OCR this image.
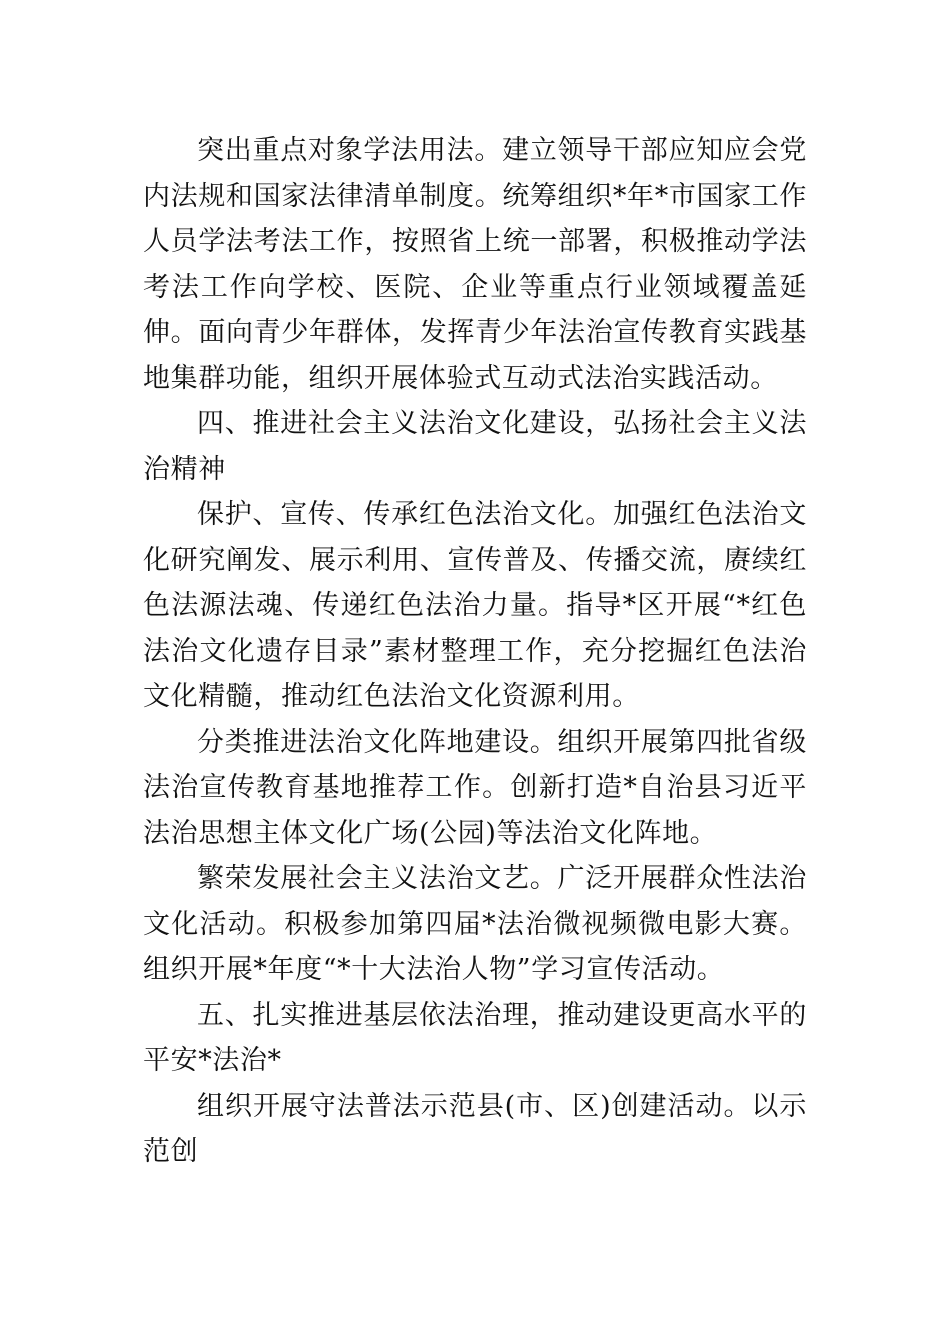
突出重点对象学法用法。建立领导干部应知应会党内法规和国家法律清单制度。统筹组织*年*市国家工作人员学法考法工作，按照省上统一部署，积极推动学法考法工作向学校、医院、企业等重点行业领域覆盖延伸。面向青少年群体，发挥青少年法治宣传教育实践基地集群功能，组织开展体验式互动式法治实践活动。

四、推进社会主义法治文化建设，弘扬社会主义法治精神

保护、宣传、传承红色法治文化。加强红色法治文化研究阐发、展示利用、宣传普及、传播交流，赓续红色法源法魂、传递红色法治力量。指导*区开展“*红色法治文化遗存目录”素材整理工作，充分挖掘红色法治文化精髓，推动红色法治文化资源利用。

分类推进法治文化阵地建设。组织开展第四批省级法治宣传教育基地推荐工作。创新打造*自治县习近平法治思想主体文化广场(公园)等法治文化阵地。

繁荣发展社会主义法治文艺。广泛开展群众性法治文化活动。积极参加第四届*法治微视频微电影大赛。组织开展*年度“*十大法治人物”学习宣传活动。

五、扎实推进基层依法治理，推动建设更高水平的平安*法治*

组织开展守法普法示范县(市、区)创建活动。以示范创
